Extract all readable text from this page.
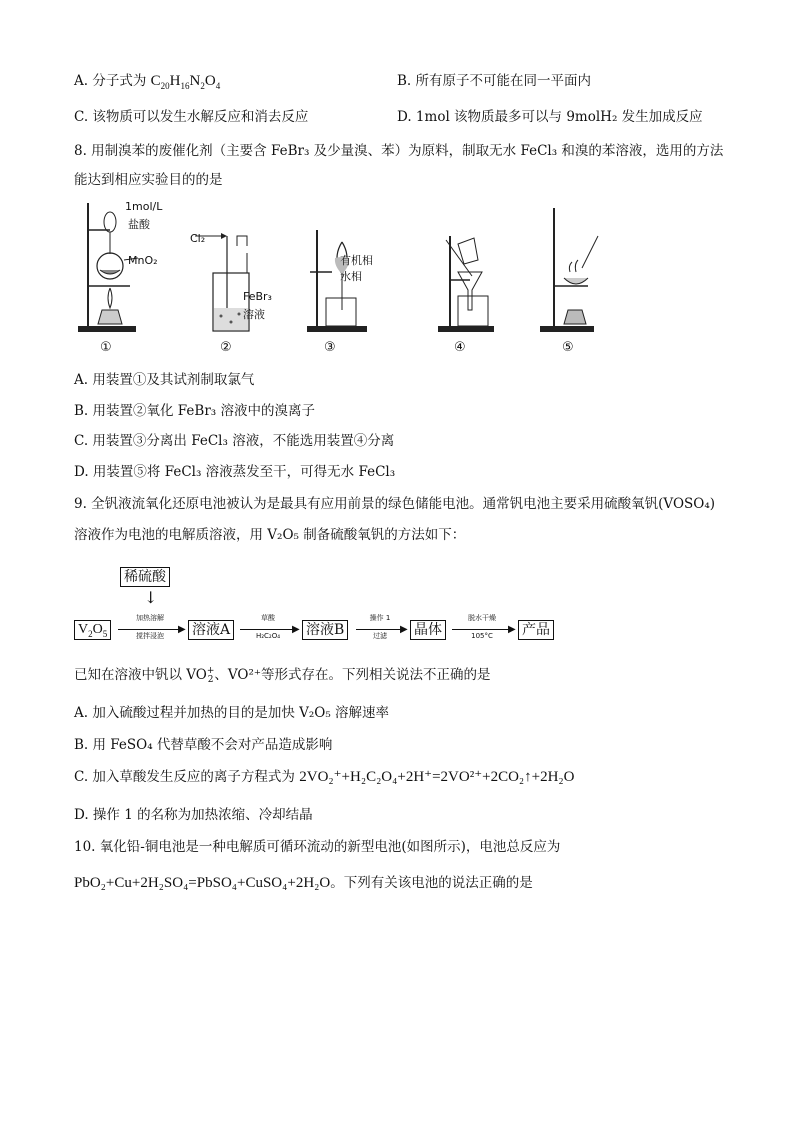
A. 分子式为 $C_{20}H_{16}N_2O_4$	B. 所有原子不可能在同一平面内
C. 该物质可以发生水解反应和消去反应	D. 1mol 该物质最多可以与 9molH₂ 发生加成反应
8. 用制溴苯的废催化剂（主要含 FeBr₃ 及少量溴、苯）为原料，制取无水 FeCl₃ 和溴的苯溶液，选用的方法
能达到相应实验目的的是
1mol/L
盐酸
MnO₂
①
Cl₂
FeBr₃
溶液
②
有机相
水相
③	④	⑤
A. 用装置①及其试剂制取氯气
B. 用装置②氧化 FeBr₃ 溶液中的溴离子
C. 用装置③分离出 FeCl₃ 溶液，不能选用装置④分离
D. 用装置⑤将 FeCl₃ 溶液蒸发至干，可得无水 FeCl₃
9. 全钒液流氧化还原电池被认为是最具有应用前景的绿色储能电池。通常钒电池主要采用硫酸氧钒(VOSO₄)
溶液作为电池的电解质溶液，用 V₂O₅ 制备硫酸氧钒的方法如下：
稀硫酸
↓
$V_2O_5$
加热溶解
▶
搅拌浸泡	溶液A
草酸
▶
H₂C₂O₄	溶液B
操作 1
▶
过滤	晶体
脱水干燥
▶
105°C	产品
已知在溶液中钒以 VO+
2、VO²⁺等形式存在。下列相关说法不正确的是
A. 加入硫酸过程并加热的目的是加快 V₂O₅ 溶解速率
B. 用 FeSO₄ 代替草酸不会对产品造成影响
C. 加入草酸发生反应的离子方程式为 2VO₂⁺+H₂C₂O₄+2H⁺=2VO²⁺+2CO₂↑+2H₂O
D. 操作 1 的名称为加热浓缩、冷却结晶
10. 氧化铅-铜电池是一种电解质可循环流动的新型电池(如图所示)，电池总反应为
PbO₂+Cu+2H₂SO₄=PbSO₄+CuSO₄+2H₂O。下列有关该电池的说法正确的是
